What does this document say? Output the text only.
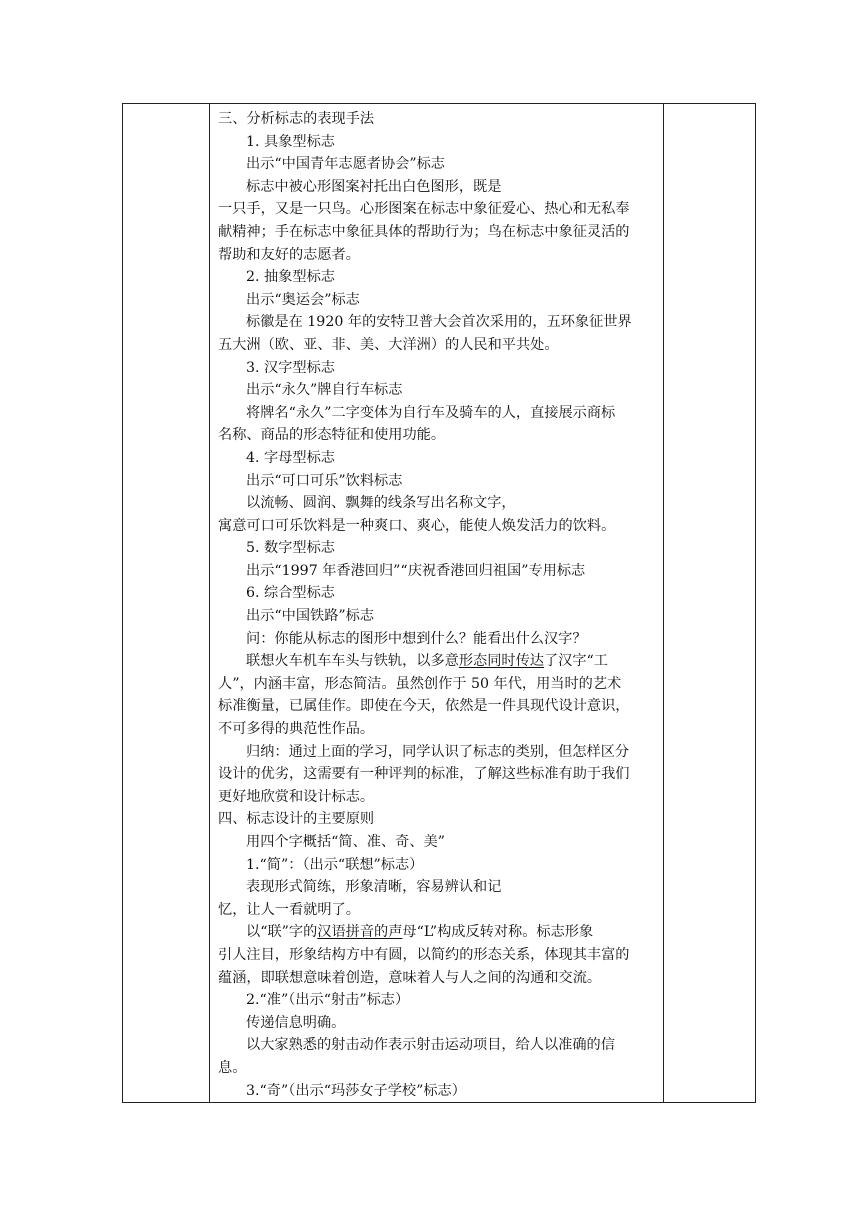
三、分析标志的表现手法
1. 具象型标志
出示“中国青年志愿者协会”标志
标志中被心形图案衬托出白色图形，既是
一只手，又是一只鸟。心形图案在标志中象征爱心、热心和无私奉
献精神；手在标志中象征具体的帮助行为；鸟在标志中象征灵活的
帮助和友好的志愿者。
2. 抽象型标志
出示“奥运会”标志
标徽是在 1920 年的安特卫普大会首次采用的，五环象征世界
五大洲（欧、亚、非、美、大洋洲）的人民和平共处。
3. 汉字型标志
出示“永久”牌自行车标志
将牌名“永久”二字变体为自行车及骑车的人，直接展示商标
名称、商品的形态特征和使用功能。
4. 字母型标志
出示“可口可乐”饮料标志
以流畅、圆润、飘舞的线条写出名称文字，
寓意可口可乐饮料是一种爽口、爽心，能使人焕发活力的饮料。
5. 数字型标志
出示“1997 年香港回归”“庆祝香港回归祖国”专用标志
6. 综合型标志
出示“中国铁路”标志
问：你能从标志的图形中想到什么？能看出什么汉字？
联想火车机车车头与铁轨，以多意形态同时传达了汉字“工
人”，内涵丰富，形态简洁。虽然创作于 50 年代，用当时的艺术
标准衡量，已属佳作。即使在今天，依然是一件具现代设计意识，
不可多得的典范性作品。
归纳：通过上面的学习，同学认识了标志的类别，但怎样区分
设计的优劣，这需要有一种评判的标准，了解这些标准有助于我们
更好地欣赏和设计标志。
四、标志设计的主要原则
用四个字概括“简、准、奇、美”
1.“简”：（出示“联想”标志）
表现形式简练，形象清晰，容易辨认和记
忆，让人一看就明了。
以“联”字的汉语拼音的声母“L”构成反转对称。标志形象
引人注目，形象结构方中有圆，以简约的形态关系，体现其丰富的
蕴涵，即联想意味着创造，意味着人与人之间的沟通和交流。
2.“准”（出示“射击”标志）
传递信息明确。
以大家熟悉的射击动作表示射击运动项目，给人以准确的信
息。
3.“奇”（出示“玛莎女子学校”标志）
